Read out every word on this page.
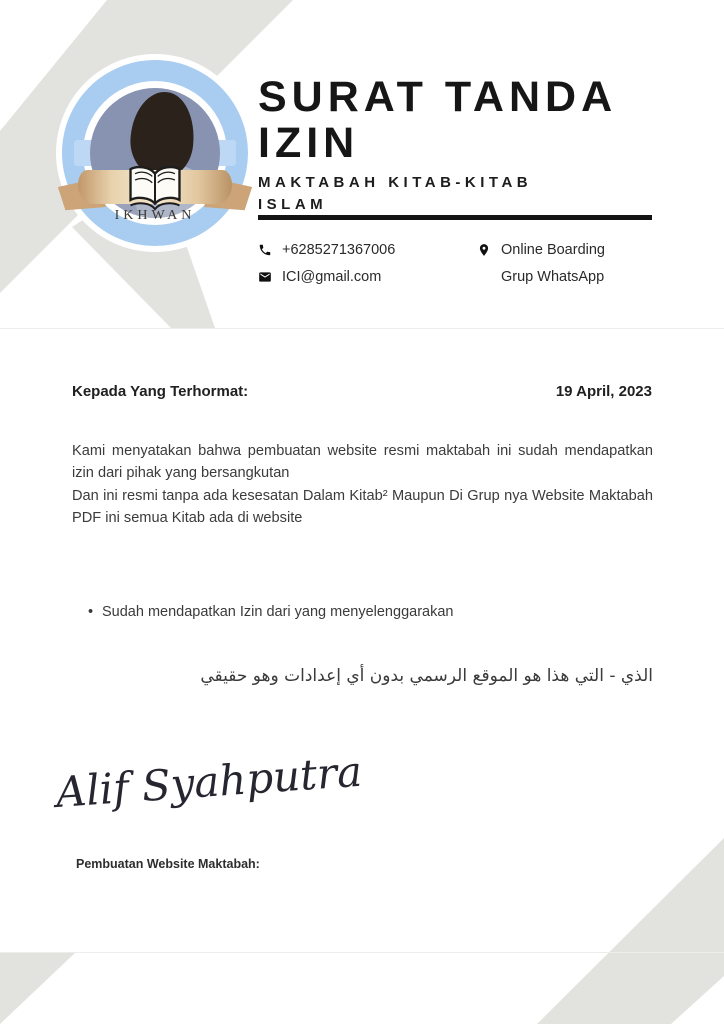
IKHWAN
SURAT TANDA
IZIN
MAKTABAH KITAB-KITAB
ISLAM
+6285271367006
ICI@gmail.com
Online Boarding
Grup WhatsApp
Kepada Yang Terhormat:	19 April, 2023
Kami menyatakan bahwa pembuatan website resmi maktabah ini sudah mendapatkan izin dari pihak yang bersangkutan
Dan ini resmi tanpa ada kesesatan Dalam Kitab² Maupun Di Grup nya Website Maktabah PDF ini semua Kitab ada di website
• Sudah mendapatkan Izin dari yang menyelenggarakan
الذي - التي هذا هو الموقع الرسمي بدون أي إعدادات وهو حقيقي
Alif Syahputra
Pembuatan Website Maktabah:
